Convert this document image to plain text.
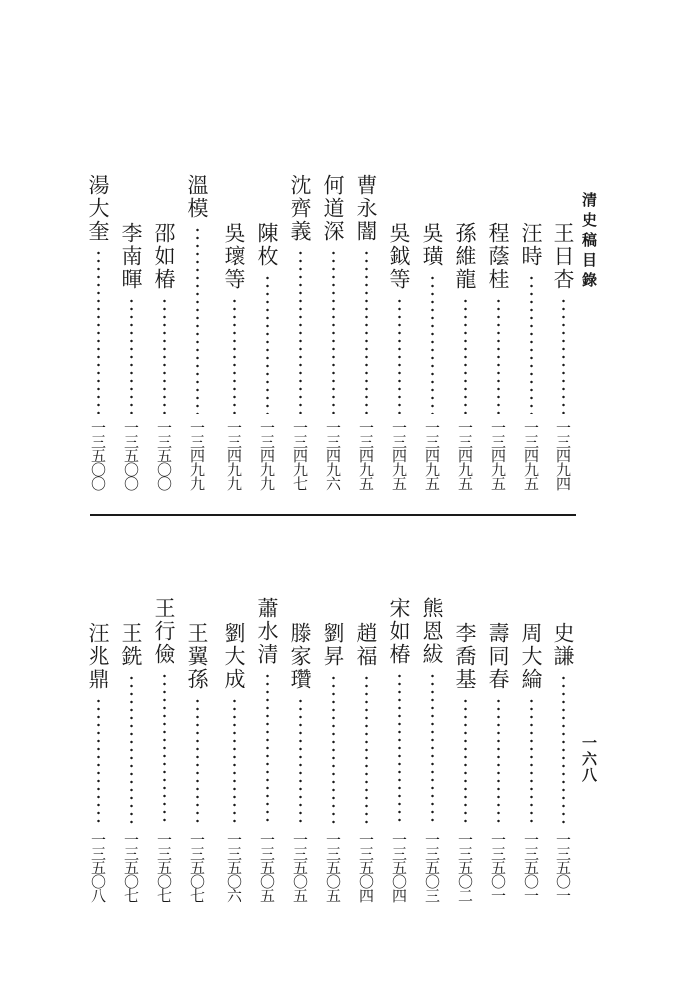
清史稿目錄
一六八
王日杏
一三四九四
汪時
一三四九五
程蔭桂
一三四九五
孫維龍
一三四九五
吳璜
一三四九五
吳鉞等
一三四九五
曹永闇
一三四九五
何道深
一三四九六
沈齊義
一三四九七
陳枚
一三四九九
吳瓌等
一三四九九
溫模
一三四九九
邵如椿
一三五〇〇
李南暉
一三五〇〇
湯大奎
一三五〇〇
史謙
一三五〇一
周大綸
一三五〇一
壽同春
一三五〇一
李喬基
一三五〇二
熊恩紱
一三五〇三
宋如椿
一三五〇四
趙福
一三五〇四
劉昇
一三五〇五
滕家瓚
一三五〇五
蕭水清
一三五〇五
劉大成
一三五〇六
王翼孫
一三五〇七
王行儉
一三五〇七
王銑
一三五〇七
汪兆鼎
一三五〇八
